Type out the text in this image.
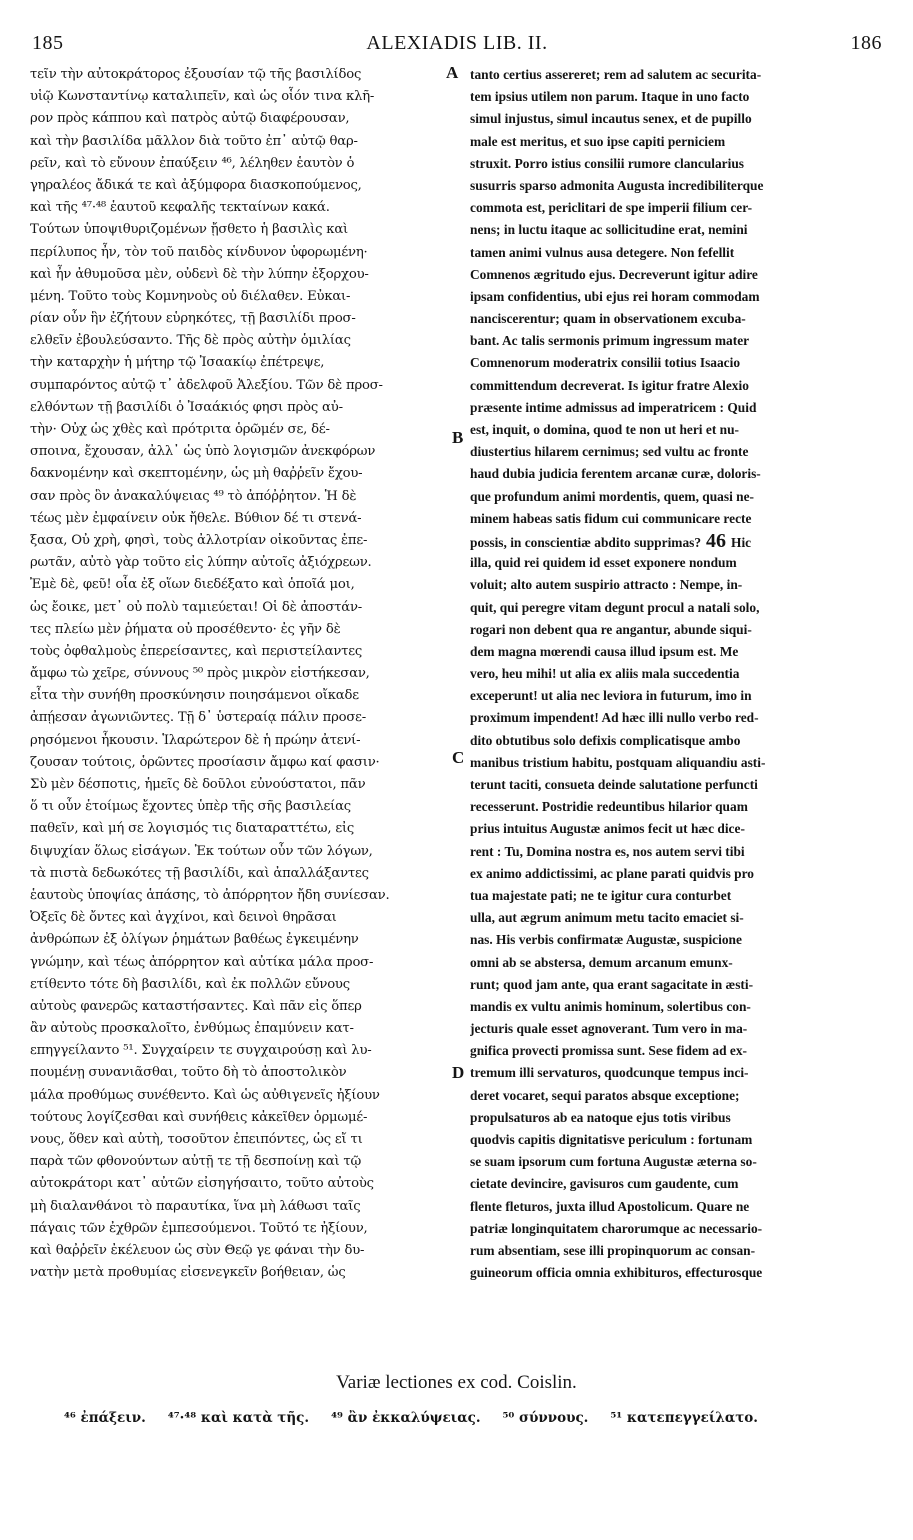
185	ALEXIADIS LIB. II.	186
τεῖν τὴν αὐτοκράτορος ἐξουσίαν τῷ τῆς βασιλίδος
υἱῷ Κωνσταντίνῳ καταλιπεῖν, καὶ ὡς οἷόν τινα κλῆ-
ρον πρὸς κάππου καὶ πατρὸς αὐτῷ διαφέρουσαν,
καὶ τὴν βασιλίδα μᾶλλον διὰ τοῦτο ἐπ᾽ αὐτῷ θαρ-
ρεῖν, καὶ τὸ εὔνουν ἐπαύξειν ⁴⁶, λέληθεν ἑαυτὸν ὁ
γηραλέος ἄδικά τε καὶ ἀξύμφορα διασκοπούμενος,
καὶ τῆς ⁴⁷·⁴⁸ ἑαυτοῦ κεφαλῆς τεκταίνων κακά.
Τούτων ὑποψιθυριζομένων ᾔσθετο ἡ βασιλὶς καὶ
περίλυπος ἦν, τὸν τοῦ παιδὸς κίνδυνον ὑφορωμένη·
καὶ ἦν ἀθυμοῦσα μὲν, οὐδενὶ δὲ τὴν λύπην ἐξορχου-
μένη. Τοῦτο τοὺς Κομνηνοὺς οὐ διέλαθεν. Εὐκαι-
ρίαν οὖν ἣν ἐζήτουν εὑρηκότες, τῇ βασιλίδι προσ-
ελθεῖν ἐβουλεύσαντο. Τῆς δὲ πρὸς αὐτὴν ὁμιλίας
τὴν καταρχὴν ἡ μήτηρ τῷ Ἰσαακίῳ ἐπέτρεψε,
συμπαρόντος αὐτῷ τ᾽ ἀδελφοῦ Ἀλεξίου. Τῶν δὲ προσ-
ελθόντων τῇ βασιλίδι ὁ Ἰσαάκιός φησι πρὸς αὐ-
τὴν· Οὐχ ὡς χθὲς καὶ πρότριτα ὁρῶμέν σε, δέ-
σποινα, ἔχουσαν, ἀλλ᾽ ὡς ὑπὸ λογισμῶν ἀνεκφόρων
δακνομένην καὶ σκεπτομένην, ὡς μὴ θαῤῥεῖν ἔχου-
σαν πρὸς ὃν ἀνακαλύψειας ⁴⁹ τὸ ἀπόῤῥητον. Ἡ δὲ
τέως μὲν ἐμφαίνειν οὐκ ἤθελε. Βύθιον δέ τι στενά-
ξασα, Οὐ χρὴ, φησὶ, τοὺς ἀλλοτρίαν οἰκοῦντας ἐπε-
ρωτᾶν, αὐτὸ γὰρ τοῦτο εἰς λύπην αὐτοῖς ἀξιόχρεων.
Ἐμὲ δὲ, φεῦ! οἷα ἐξ οἵων διεδέξατο καὶ ὁποῖά μοι,
ὡς ἔοικε, μετ᾽ οὐ πολὺ ταμιεύεται! Οἱ δὲ ἀποστάν-
τες πλείω μὲν ῥήματα οὐ προσέθεντο· ἐς γῆν δὲ
τοὺς ὀφθαλμοὺς ἐπερείσαντες, καὶ περιστείλαντες
ἄμφω τὼ χεῖρε, σύννους ⁵⁰ πρὸς μικρὸν εἱστήκεσαν,
εἶτα τὴν συνήθη προσκύνησιν ποιησάμενοι οἴκαδε
ἀπῄεσαν ἀγωνιῶντες. Τῇ δ᾽ ὑστεραίᾳ πάλιν προσε-
ρησόμενοι ἧκουσιν. Ἱλαρώτερον δὲ ἡ πρώην ἀτενί-
ζουσαν τούτοις, ὁρῶντες προσίασιν ἄμφω καί φασιν·
Σὺ μὲν δέσποτις, ἡμεῖς δὲ δοῦλοι εὐνούστατοι, πᾶν
ὅ τι οὖν ἑτοίμως ἔχοντες ὑπὲρ τῆς σῆς βασιλείας
παθεῖν, καὶ μή σε λογισμός τις διαταραττέτω, εἰς
διψυχίαν ὅλως εἰσάγων. Ἐκ τούτων οὖν τῶν λόγων,
τὰ πιστὰ δεδωκότες τῇ βασιλίδι, καὶ ἀπαλλάξαντες
ἑαυτοὺς ὑποψίας ἁπάσης, τὸ ἀπόρρητον ἤδη συνίεσαν.
Ὀξεῖς δὲ ὄντες καὶ ἀγχίνοι, καὶ δεινοὶ θηρᾶσαι
ἀνθρώπων ἐξ ὀλίγων ῥημάτων βαθέως ἐγκειμένην
γνώμην, καὶ τέως ἀπόρρητον καὶ αὐτίκα μάλα προσ-
ετίθεντο τότε δὴ βασιλίδι, καὶ ἐκ πολλῶν εὔνους
αὐτοὺς φανερῶς καταστήσαντες. Καὶ πᾶν εἰς ὅπερ
ἂν αὐτοὺς προσκαλοῖτο, ἐνθύμως ἐπαμύνειν κατ-
επηγγείλαντο ⁵¹. Συγχαίρειν τε συγχαιρούσῃ καὶ λυ-
πουμένῃ συνανιᾶσθαι, τοῦτο δὴ τὸ ἀποστολικὸν
μάλα προθύμως συνέθεντο. Καὶ ὡς αὐθιγενεῖς ἠξίουν
τούτους λογίζεσθαι καὶ συνήθεις κἀκεῖθεν ὁρμωμέ-
νους, ὅθεν καὶ αὐτὴ, τοσοῦτον ἐπειπόντες, ὡς εἴ τι
παρὰ τῶν φθονούντων αὐτῇ τε τῇ δεσποίνῃ καὶ τῷ
αὐτοκράτορι κατ᾽ αὐτῶν εἰσηγήσαιτο, τοῦτο αὐτοὺς
μὴ διαλανθάνοι τὸ παραυτίκα, ἵνα μὴ λάθωσι ταῖς
πάγαις τῶν ἐχθρῶν ἐμπεσούμενοι. Τοῦτό τε ἠξίουν,
καὶ θαῤῥεῖν ἐκέλευον ὡς σὺν Θεῷ γε φάναι τὴν δυ-
νατὴν μετὰ προθυμίας εἰσενεγκεῖν βοήθειαν, ὡς
tanto certius assereret; rem ad salutem ac securita-
tem ipsius utilem non parum. Itaque in uno facto
simul injustus, simul incautus senex, et de pupillo
male est meritus, et suo ipse capiti perniciem
struxit. Porro istius consilii rumore clancularius
susurris sparso admonita Augusta incredibiliterque
commota est, periclitari de spe imperii filium cer-
nens; in luctu itaque ac sollicitudine erat, nemini
tamen animi vulnus ausa detegere. Non fefellit
Comnenos ægritudo ejus. Decreverunt igitur adire
ipsam confidentius, ubi ejus rei horam commodam
nanciscerentur; quam in observationem excuba-
bant. Ac talis sermonis primum ingressum mater
Comnenorum moderatrix consilii totius Isaacio
committendum decreverat. Is igitur fratre Alexio
præsente intime admissus ad imperatricem : Quid
est, inquit, o domina, quod te non ut heri et nu-
diustertius hilarem cernimus; sed vultu ac fronte
haud dubia judicia ferentem arcanæ curæ, doloris-
que profundum animi mordentis, quem, quasi ne-
minem habeas satis fidum cui communicare recte
possis, in conscientiæ abdito supprimas? 46 Hic
illa, quid rei quidem id esset exponere nondum
voluit; alto autem suspirio attracto : Nempe, in-
quit, qui peregre vitam degunt procul a natali solo,
rogari non debent qua re angantur, abunde siqui-
dem magna mœrendi causa illud ipsum est. Me
vero, heu mihi! ut alia ex aliis mala succedentia
exceperunt! ut alia nec leviora in futurum, imo in
proximum impendent! Ad hæc illi nullo verbo red-
dito obtutibus solo defixis complicatisque ambo
manibus tristium habitu, postquam aliquandiu asti-
terunt taciti, consueta deinde salutatione perfuncti
recesserunt. Postridie redeuntibus hilarior quam
prius intuitus Augustæ animos fecit ut hæc dice-
rent : Tu, Domina nostra es, nos autem servi tibi
ex animo addictissimi, ac plane parati quidvis pro
tua majestate pati; ne te igitur cura conturbet
ulla, aut ægrum animum metu tacito emaciet si-
nas. His verbis confirmatæ Augustæ, suspicione
omni ab se abstersa, demum arcanum emunx-
runt; quod jam ante, qua erant sagacitate in æsti-
mandis ex vultu animis hominum, solertibus con-
jecturis quale esset agnoverant. Tum vero in ma-
gnifica provecti promissa sunt. Sese fidem ad ex-
tremum illi servaturos, quodcunque tempus inci-
deret vocaret, sequi paratos absque exceptione;
propulsaturos ab ea natoque ejus totis viribus
quodvis capitis dignitatisve periculum : fortunam
se suam ipsorum cum fortuna Augustæ æterna so-
cietate devincire, gavisuros cum gaudente, cum
flente fleturos, juxta illud Apostolicum. Quare ne
patriæ longinquitatem charorumque ac necessario-
rum absentiam, sese illi propinquorum ac consan-
guineorum officia omnia exhibituros, effecturosque
A
B
C
D
Variæ lectiones ex cod. Coislin.
⁴⁶ ἐπάξειν. ⁴⁷·⁴⁸ καὶ κατὰ τῆς. ⁴⁹ ἂν ἐκκαλύψειας. ⁵⁰ σύννους. ⁵¹ κατεπεγγείλατο.
